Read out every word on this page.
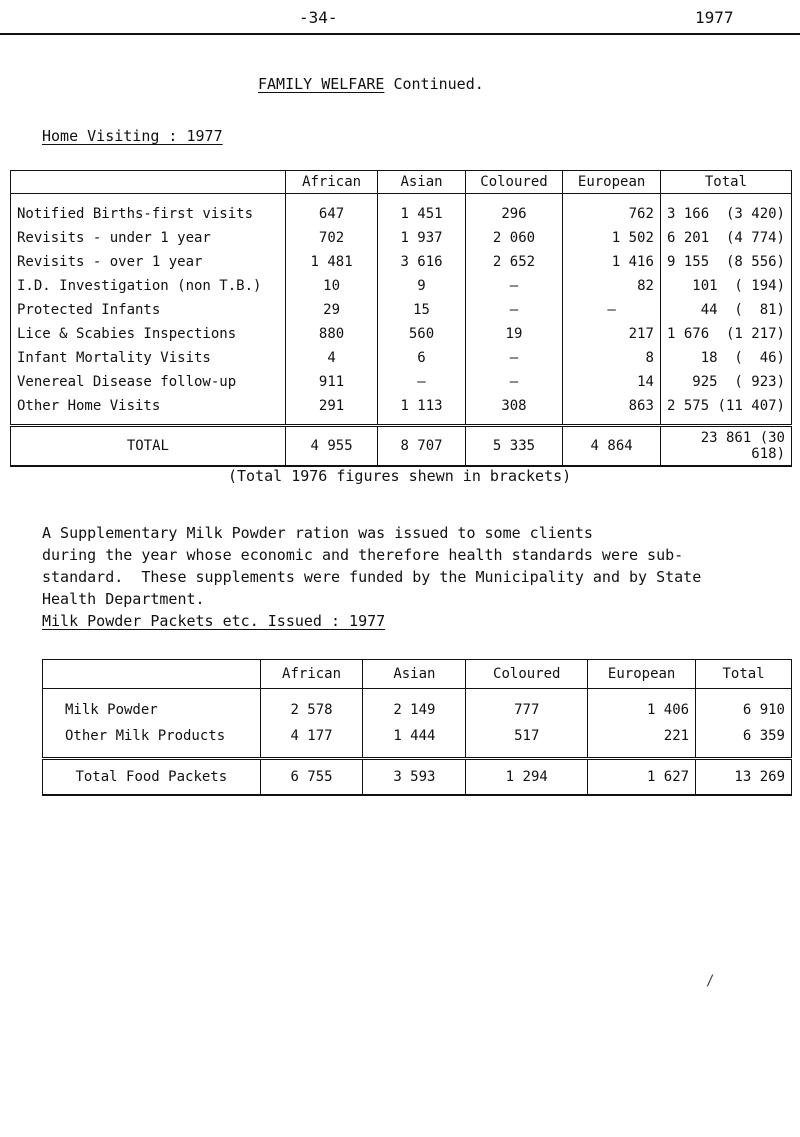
-34-	1977
FAMILY WELFARE Continued.
Home Visiting : 1977
	African	Asian	Coloured	European	Total
Notified Births-first visits	647	1 451	296	762	3 166  (3 420)
Revisits - under 1 year	702	1 937	2 060	1 502	6 201  (4 774)
Revisits - over 1 year	1 481	3 616	2 652	1 416	9 155  (8 556)
I.D. Investigation (non T.B.)	10	9	–	82	101  ( 194)
Protected Infants	29	15	–	–	44  (  81)
Lice & Scabies Inspections	880	560	19	217	1 676  (1 217)
Infant Mortality Visits	4	6	–	8	18  (  46)
Venereal Disease follow-up	911	–	–	14	925  ( 923)
Other Home Visits	291	1 113	308	863	2 575 (11 407)
TOTAL	4 955	8 707	5 335	4 864	23 861 (30 618)
(Total 1976 figures shewn in brackets)
A Supplementary Milk Powder ration was issued to some clients
during the year whose economic and therefore health standards were sub-
standard.  These supplements were funded by the Municipality and by State
Health Department.
Milk Powder Packets etc. Issued : 1977
	African	Asian	Coloured	European	Total
Milk Powder	2 578	2 149	777	1 406	6 910
Other Milk Products	4 177	1 444	517	221	6 359
Total Food Packets	6 755	3 593	1 294	1 627	13 269
/
